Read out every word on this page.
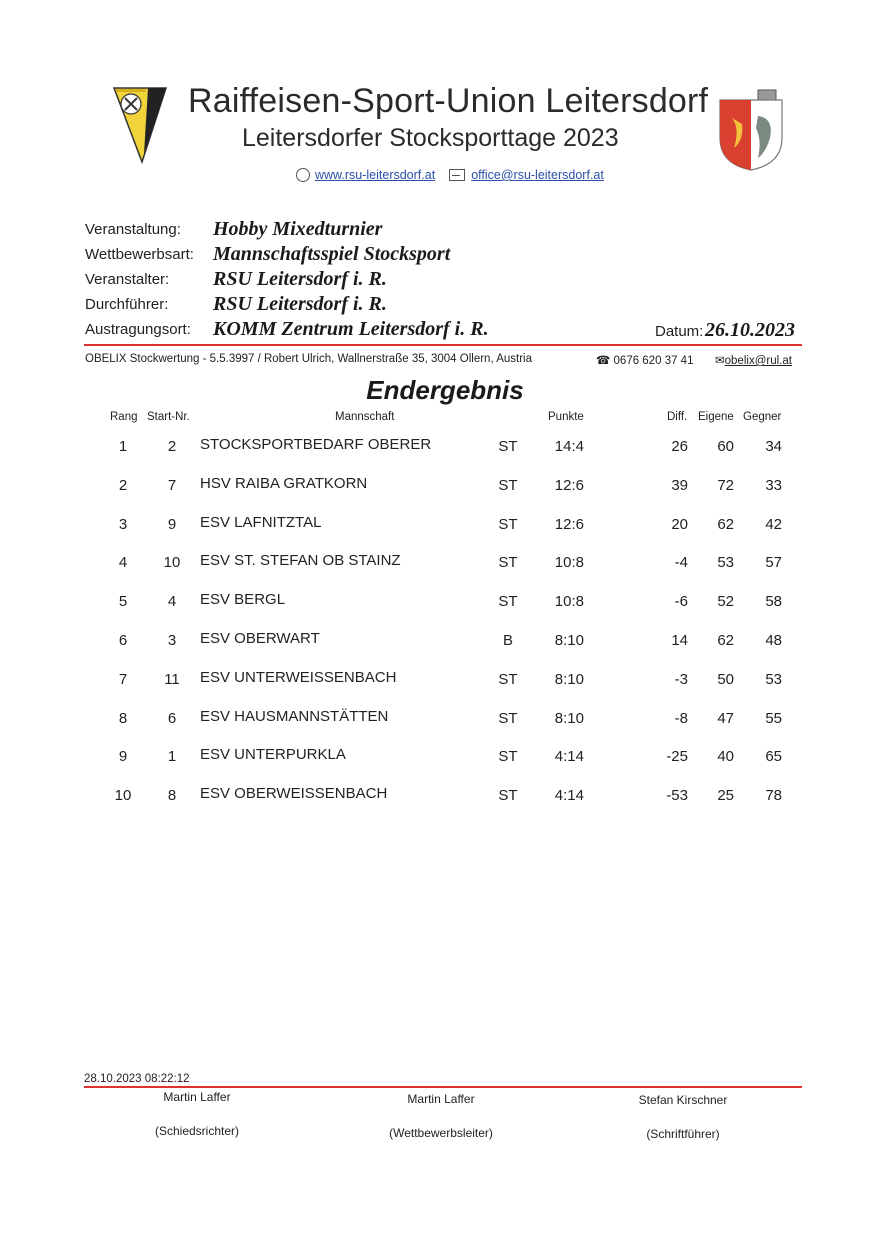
Raiffeisen-Sport-Union Leitersdorf
Leitersdorfer Stocksporttage 2023
www.rsu-leitersdorf.at	office@rsu-leitersdorf.at
Veranstaltung: Hobby Mixedturnier
Wettbewerbsart: Mannschaftsspiel Stocksport
Veranstalter: RSU Leitersdorf i. R.
Durchführer: RSU Leitersdorf i. R.
Austragungsort: KOMM Zentrum Leitersdorf i. R.	Datum: 26.10.2023
OBELIX Stockwertung - 5.5.3997 / Robert Ulrich, Wallnerstraße 35, 3004 Ollern, Austria	☎ 0676 620 37 41 ✉obelix@rul.at
Endergebnis
Rang Start-Nr.	Mannschaft	Punkte	Diff. Eigene Gegner
1	2	STOCKSPORTBEDARF OBERER	ST	14:4	26	60	34
2	7	HSV RAIBA GRATKORN	ST	12:6	39	72	33
3	9	ESV LAFNITZTAL	ST	12:6	20	62	42
4	10	ESV ST. STEFAN OB STAINZ	ST	10:8	-4	53	57
5	4	ESV BERGL	ST	10:8	-6	52	58
6	3	ESV OBERWART	B	8:10	14	62	48
7	11	ESV UNTERWEISSENBACH	ST	8:10	-3	50	53
8	6	ESV HAUSMANNSTÄTTEN	ST	8:10	-8	47	55
9	1	ESV UNTERPURKLA	ST	4:14	-25	40	65
10	8	ESV OBERWEISSENBACH	ST	4:14	-53	25	78
28.10.2023 08:22:12
Martin Laffer
(Schiedsrichter)
Martin Laffer
(Wettbewerbsleiter)
Stefan Kirschner
(Schriftführer)
